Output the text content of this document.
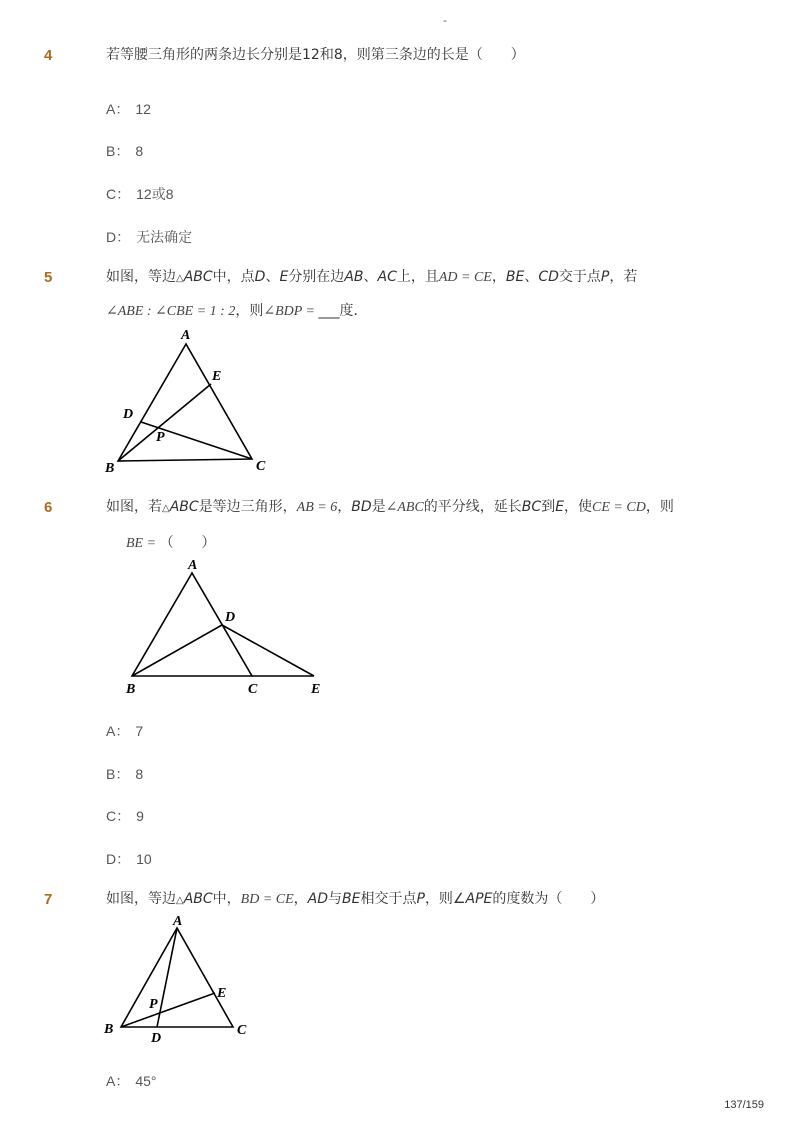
-
4	若等腰三角形的两条边长分别是12和8，则第三条边的长是（　　）
A： 12
B： 8
C： 12或8
D： 无法确定
5	如图，等边△ABC中，点D、E分别在边AB、AC上，且AD = CE，BE、CD交于点P，若
∠ABE : ∠CBE = 1 : 2，则∠BDP = ___度．
A
B	C
D
E
P
6	如图，若△ABC是等边三角形，AB = 6，BD是∠ABC的平分线，延长BC到E，使CE = CD，则
BE = （　　）
A
B	C
D
E
A： 7
B： 8
C： 9
D： 10
7	如图，等边△ABC中，BD = CE，AD与BE相交于点P，则∠APE的度数为（　　）
A
B	C
D
E
P
A： 45°
137/159
